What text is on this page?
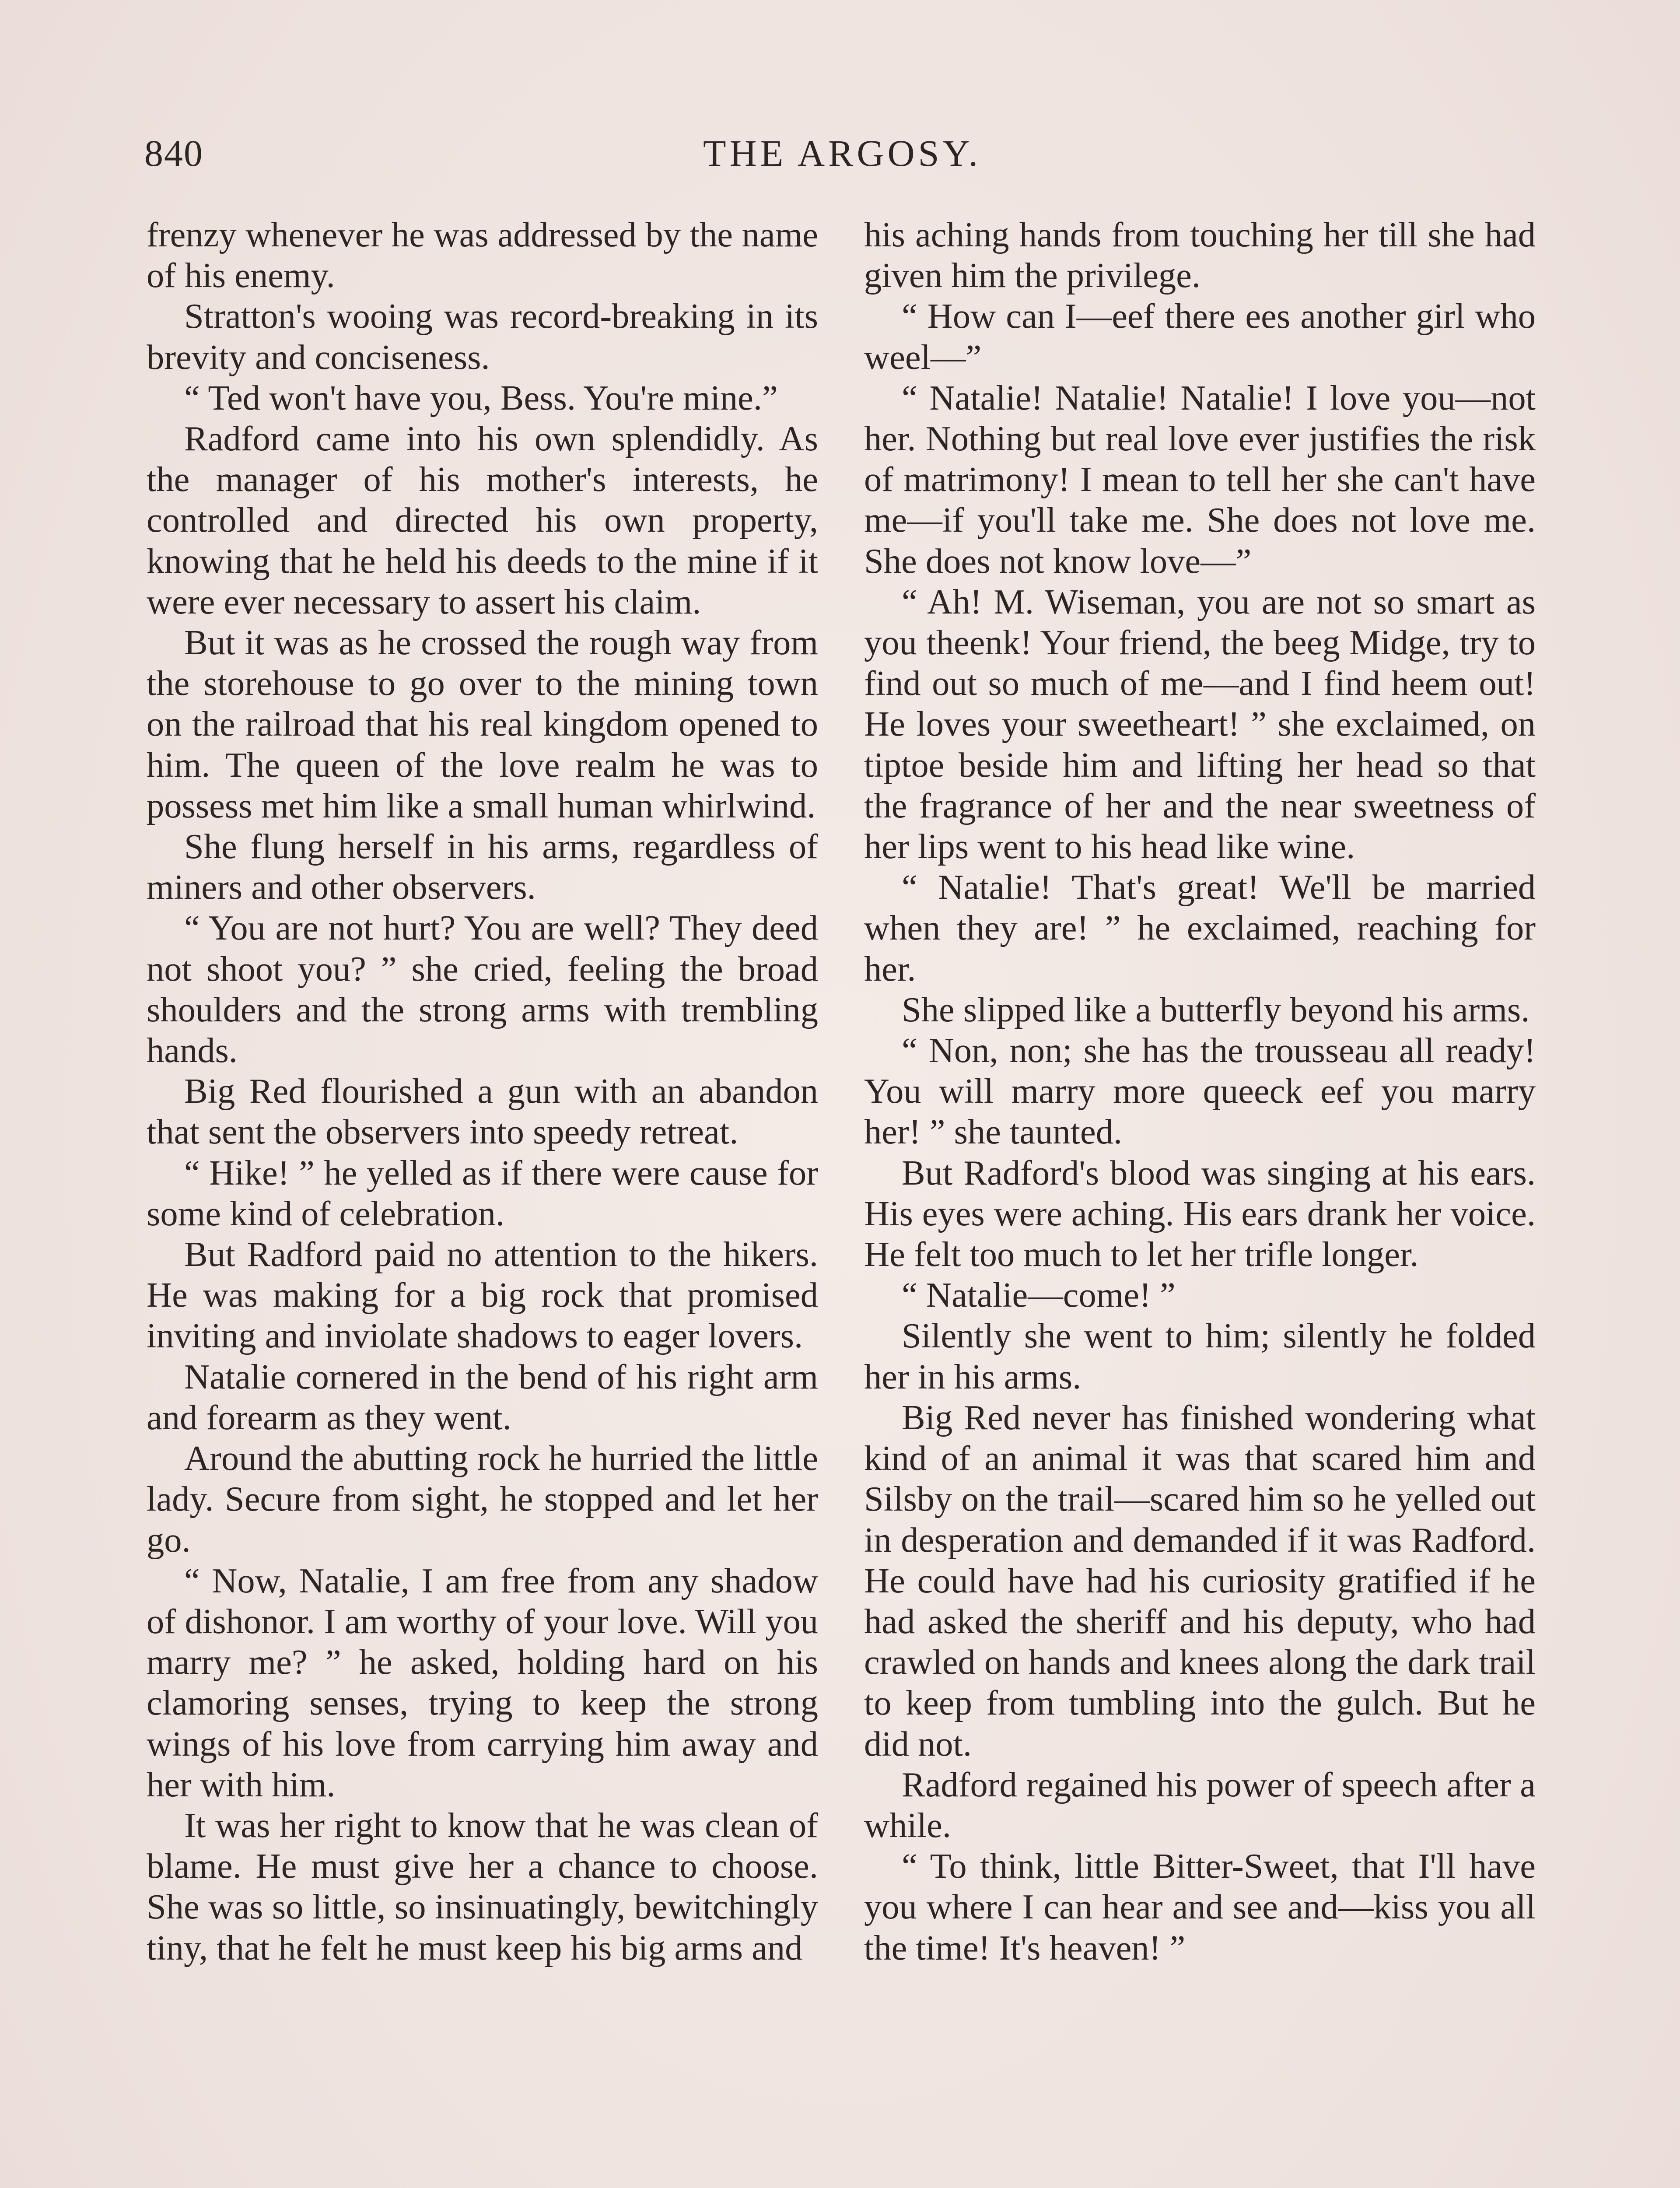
840	THE ARGOSY.

frenzy whenever he was addressed by the name of his enemy.

Stratton's wooing was record-breaking in its brevity and conciseness.

“ Ted won't have you, Bess. You're mine.”

Radford came into his own splendidly. As the manager of his mother's interests, he controlled and directed his own property, knowing that he held his deeds to the mine if it were ever necessary to assert his claim.

But it was as he crossed the rough way from the storehouse to go over to the mining town on the railroad that his real kingdom opened to him. The queen of the love realm he was to possess met him like a small human whirlwind.

She flung herself in his arms, regardless of miners and other observers.

“ You are not hurt? You are well? They deed not shoot you? ” she cried, feeling the broad shoulders and the strong arms with trembling hands.

Big Red flourished a gun with an abandon that sent the observers into speedy retreat.

“ Hike! ” he yelled as if there were cause for some kind of celebration.

But Radford paid no attention to the hikers. He was making for a big rock that promised inviting and inviolate shadows to eager lovers.

Natalie cornered in the bend of his right arm and forearm as they went.

Around the abutting rock he hurried the little lady. Secure from sight, he stopped and let her go.

“ Now, Natalie, I am free from any shadow of dishonor. I am worthy of your love. Will you marry me? ” he asked, holding hard on his clamoring senses, trying to keep the strong wings of his love from carrying him away and her with him.

It was her right to know that he was clean of blame. He must give her a chance to choose. She was so little, so insinuatingly, bewitchingly tiny, that he felt he must keep his big arms and

his aching hands from touching her till she had given him the privilege.

“ How can I—eef there ees another girl who weel—”

“ Natalie! Natalie! Natalie! I love you—not her. Nothing but real love ever justifies the risk of matrimony! I mean to tell her she can't have me—if you'll take me. She does not love me. She does not know love—”

“ Ah! M. Wiseman, you are not so smart as you theenk! Your friend, the beeg Midge, try to find out so much of me—and I find heem out! He loves your sweetheart! ” she exclaimed, on tiptoe beside him and lifting her head so that the fragrance of her and the near sweetness of her lips went to his head like wine.

“ Natalie! That's great! We'll be married when they are! ” he exclaimed, reaching for her.

She slipped like a butterfly beyond his arms.

“ Non, non; she has the trousseau all ready! You will marry more queeck eef you marry her! ” she taunted.

But Radford's blood was singing at his ears. His eyes were aching. His ears drank her voice. He felt too much to let her trifle longer.

“ Natalie—come! ”

Silently she went to him; silently he folded her in his arms.

Big Red never has finished wondering what kind of an animal it was that scared him and Silsby on the trail—scared him so he yelled out in desperation and demanded if it was Radford. He could have had his curiosity gratified if he had asked the sheriff and his deputy, who had crawled on hands and knees along the dark trail to keep from tumbling into the gulch. But he did not.

Radford regained his power of speech after a while.

“ To think, little Bitter-Sweet, that I'll have you where I can hear and see and—kiss you all the time! It's heaven! ”
